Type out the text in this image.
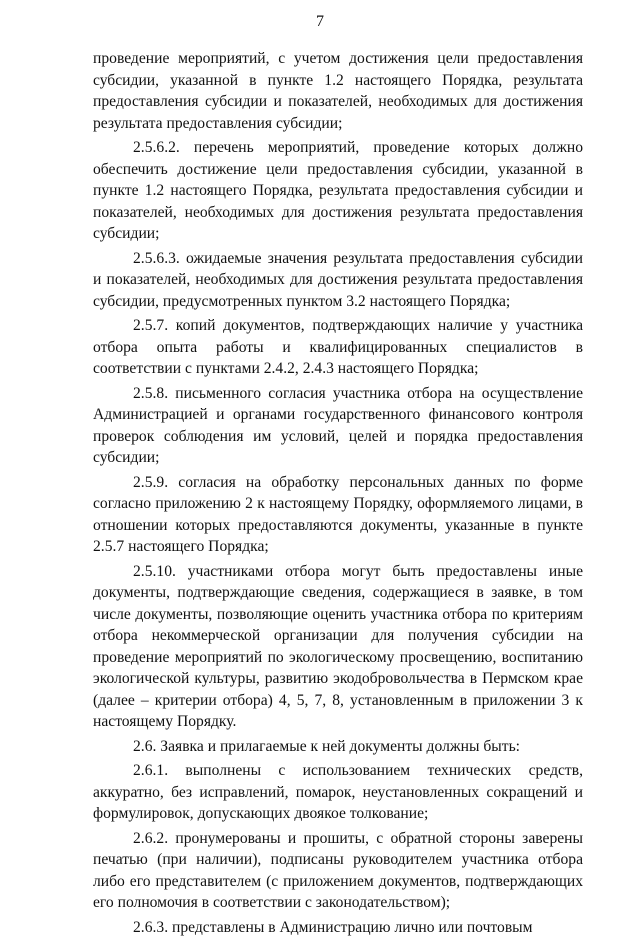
7

проведение мероприятий, с учетом достижения цели предоставления субсидии, указанной в пункте 1.2 настоящего Порядка, результата предоставления субсидии и показателей, необходимых для достижения результата предоставления субсидии;

2.5.6.2. перечень мероприятий, проведение которых должно обеспечить достижение цели предоставления субсидии, указанной в пункте 1.2 настоящего Порядка, результата предоставления субсидии и показателей, необходимых для достижения результата предоставления субсидии;

2.5.6.3. ожидаемые значения результата предоставления субсидии и показателей, необходимых для достижения результата предоставления субсидии, предусмотренных пунктом 3.2 настоящего Порядка;

2.5.7. копий документов, подтверждающих наличие у участника отбора опыта работы и квалифицированных специалистов в соответствии с пунктами 2.4.2, 2.4.3 настоящего Порядка;

2.5.8. письменного согласия участника отбора на осуществление Администрацией и органами государственного финансового контроля проверок соблюдения им условий, целей и порядка предоставления субсидии;

2.5.9. согласия на обработку персональных данных по форме согласно приложению 2 к настоящему Порядку, оформляемого лицами, в отношении которых предоставляются документы, указанные в пункте 2.5.7 настоящего Порядка;

2.5.10. участниками отбора могут быть предоставлены иные документы, подтверждающие сведения, содержащиеся в заявке, в том числе документы, позволяющие оценить участника отбора по критериям отбора некоммерческой организации для получения субсидии на проведение мероприятий по экологическому просвещению, воспитанию экологической культуры, развитию экодобровольчества в Пермском крае (далее – критерии отбора) 4, 5, 7, 8, установленным в приложении 3 к настоящему Порядку.

2.6. Заявка и прилагаемые к ней документы должны быть:

2.6.1. выполнены с использованием технических средств, аккуратно, без исправлений, помарок, неустановленных сокращений и формулировок, допускающих двоякое толкование;

2.6.2. пронумерованы и прошиты, с обратной стороны заверены печатью (при наличии), подписаны руководителем участника отбора либо его представителем (с приложением документов, подтверждающих его полномочия в соответствии с законодательством);

2.6.3. представлены в Администрацию лично или почтовым
